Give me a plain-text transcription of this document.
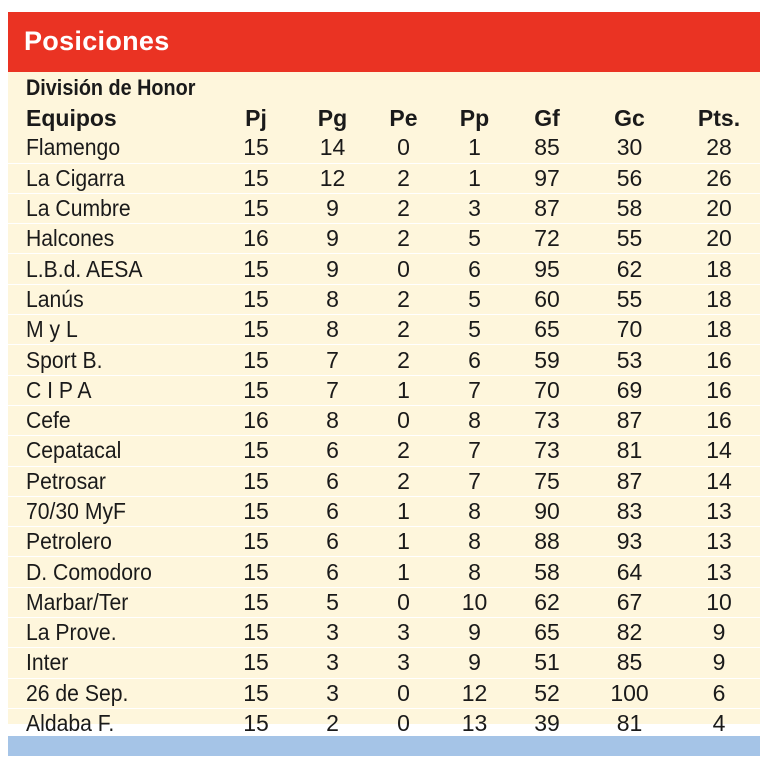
Posiciones
División de Honor
Equipos	Pj	Pg	Pe	Pp	Gf	Gc	Pts.
Flamengo	15	14	0	1	85	30	28
La Cigarra	15	12	2	1	97	56	26
La Cumbre	15	9	2	3	87	58	20
Halcones	16	9	2	5	72	55	20
L.B.d. AESA	15	9	0	6	95	62	18
Lanús	15	8	2	5	60	55	18
M y L	15	8	2	5	65	70	18
Sport B.	15	7	2	6	59	53	16
C I P A	15	7	1	7	70	69	16
Cefe	16	8	0	8	73	87	16
Cepatacal	15	6	2	7	73	81	14
Petrosar	15	6	2	7	75	87	14
70/30 MyF	15	6	1	8	90	83	13
Petrolero	15	6	1	8	88	93	13
D. Comodoro	15	6	1	8	58	64	13
Marbar/Ter	15	5	0	10	62	67	10
La Prove.	15	3	3	9	65	82	9
Inter	15	3	3	9	51	85	9
26 de Sep.	15	3	0	12	52	100	6
Aldaba F.	15	2	0	13	39	81	4
